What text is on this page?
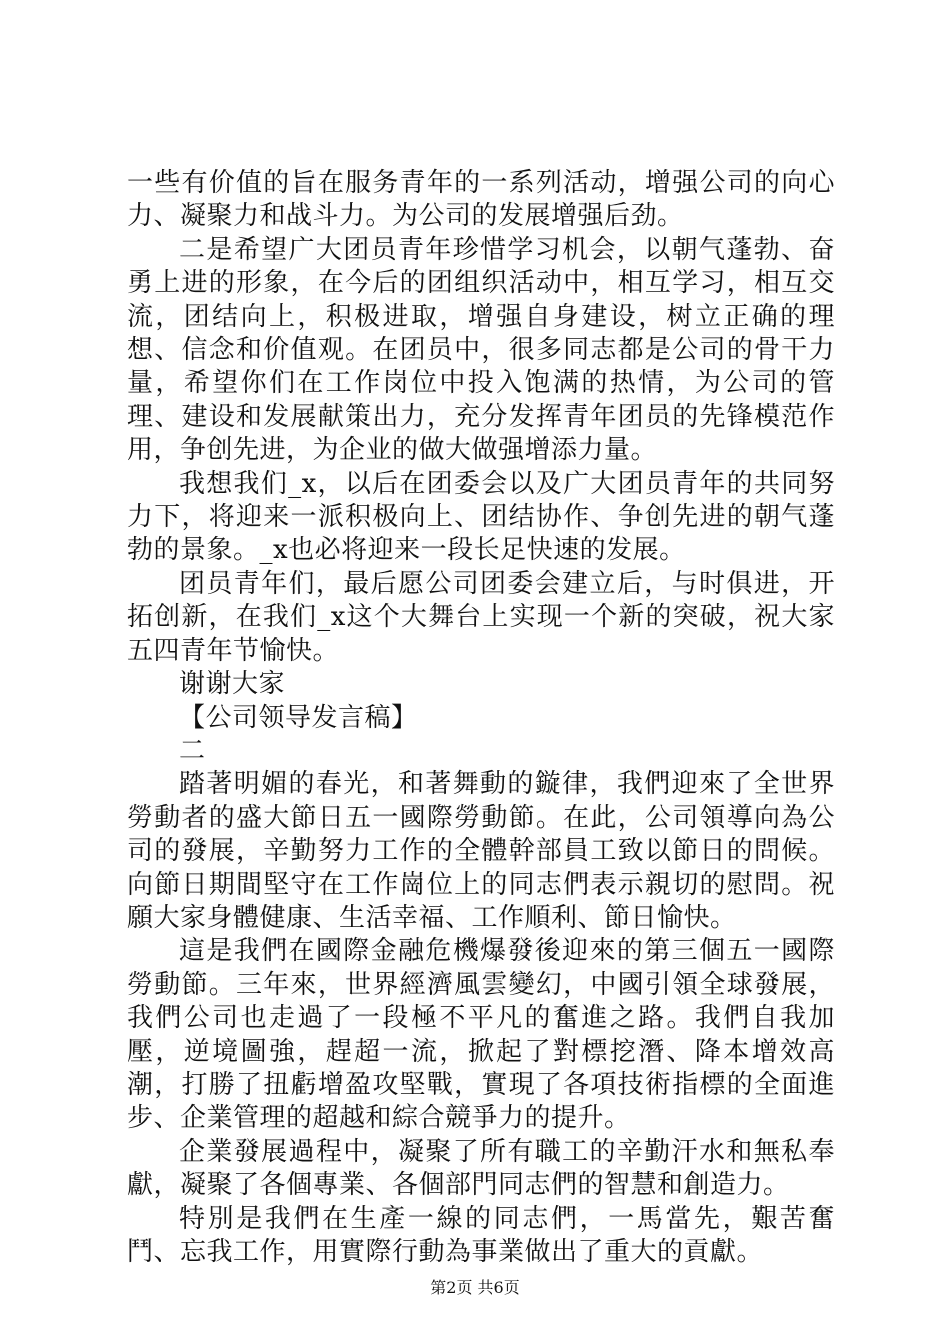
一些有价值的旨在服务青年的一系列活动，增强公司的向心力、凝聚力和战斗力。为公司的发展增强后劲。

二是希望广大团员青年珍惜学习机会，以朝气蓬勃、奋勇上进的形象，在今后的团组织活动中，相互学习，相互交流，团结向上，积极进取，增强自身建设，树立正确的理想、信念和价值观。在团员中，很多同志都是公司的骨干力量，希望你们在工作岗位中投入饱满的热情，为公司的管理、建设和发展献策出力，充分发挥青年团员的先锋模范作用，争创先进，为企业的做大做强增添力量。

我想我们_x，以后在团委会以及广大团员青年的共同努力下，将迎来一派积极向上、团结协作、争创先进的朝气蓬勃的景象。_x也必将迎来一段长足快速的发展。

团员青年们，最后愿公司团委会建立后，与时俱进，开拓创新，在我们_x这个大舞台上实现一个新的突破，祝大家五四青年节愉快。

谢谢大家

【公司领导发言稿】

二

踏著明媚的春光，和著舞動的鏇律，我們迎來了全世界勞動者的盛大節日五一國際勞動節。在此，公司領導向為公司的發展，辛勤努力工作的全體幹部員工致以節日的問候。向節日期間堅守在工作崗位上的同志們表示親切的慰問。祝願大家身體健康、生活幸福、工作順利、節日愉快。

這是我們在國際金融危機爆發後迎來的第三個五一國際勞動節。三年來，世界經濟風雲變幻，中國引領全球發展，我們公司也走過了一段極不平凡的奮進之路。我們自我加壓，逆境圖強，趕超一流，掀起了對標挖潛、降本增效高潮，打勝了扭虧增盈攻堅戰，實現了各項技術指標的全面進步、企業管理的超越和綜合競爭力的提升。

企業發展過程中，凝聚了所有職工的辛勤汗水和無私奉獻，凝聚了各個專業、各個部門同志們的智慧和創造力。

特別是我們在生產一線的同志們，一馬當先，艱苦奮鬥、忘我工作，用實際行動為事業做出了重大的貢獻。

第2页 共6页
